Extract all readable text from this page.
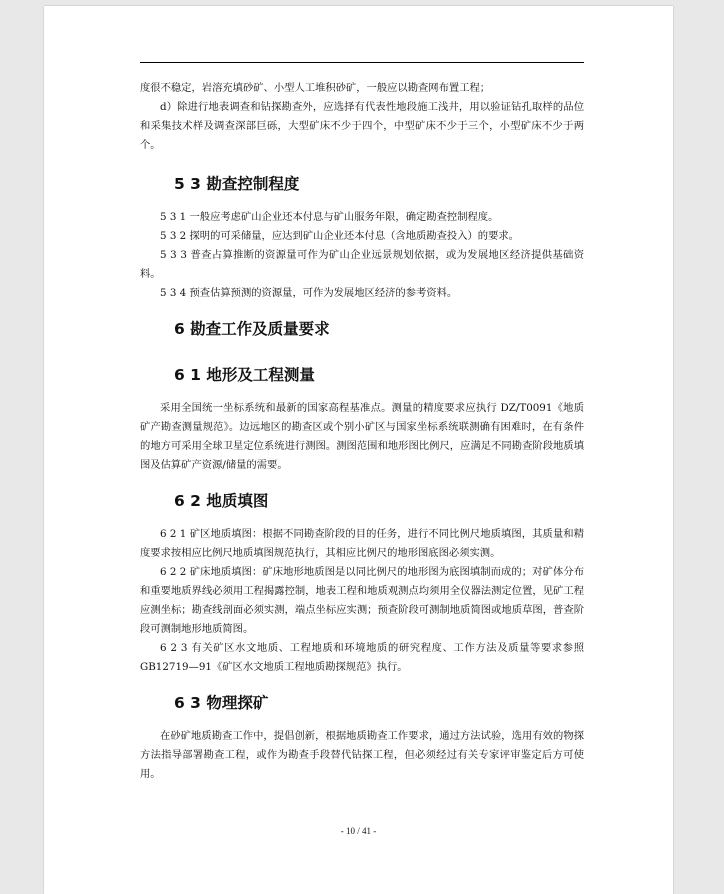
度很不稳定，岩溶充填砂矿、小型人工堆积砂矿，一般应以勘查网布置工程；

d）除进行地表调查和钻探勘查外，应选择有代表性地段施工浅井，用以验证钻孔取样的品位和采集技术样及调查深部巨砾，大型矿床不少于四个，中型矿床不少于三个，小型矿床不少于两个。

5 3 勘查控制程度

5 3 1 一般应考虑矿山企业还本付息与矿山服务年限，确定勘查控制程度。

5 3 2 探明的可采储量，应达到矿山企业还本付息（含地质勘查投入）的要求。

5 3 3 普查占算推断的资源量可作为矿山企业远景规划依据，或为发展地区经济提供基础资料。

5 3 4 预查估算预测的资源量，可作为发展地区经济的参考资料。

6 勘查工作及质量要求
6 1 地形及工程测量

采用全国统一坐标系统和最新的国家高程基准点。测量的精度要求应执行 DZ/T0091《地质矿产勘查测量规范》。边远地区的勘查区或个别小矿区与国家坐标系统联测确有困难时，在有条件的地方可采用全球卫星定位系统进行测图。测图范围和地形图比例尺，应满足不同勘查阶段地质填图及估算矿产资源/储量的需要。

6 2 地质填图

6 2 1 矿区地质填图：根据不同勘查阶段的目的任务，进行不同比例尺地质填图，其质量和精度要求按相应比例尺地质填图规范执行，其相应比例尺的地形图底图必须实测。

6 2 2 矿床地质填图：矿床地形地质图是以同比例尺的地形图为底图填制而成的；对矿体分布和重要地质界线必须用工程揭露控制，地表工程和地质观测点均须用全仪器法测定位置，见矿工程应测坐标；勘查线剖面必须实测，端点坐标应实测；预查阶段可测制地质简图或地质草图，普查阶段可测制地形地质简图。

6 2 3 有关矿区水文地质、工程地质和环境地质的研究程度、工作方法及质量等要求参照 GB12719—91《矿区水文地质工程地质勘探规范》执行。

6 3 物理探矿

在砂矿地质勘查工作中，提倡创新，根据地质勘查工作要求，通过方法试验，选用有效的物探方法指导部署勘查工程，或作为勘查手段替代钻探工程，但必须经过有关专家评审鉴定后方可使用。

- 10 / 41 -
